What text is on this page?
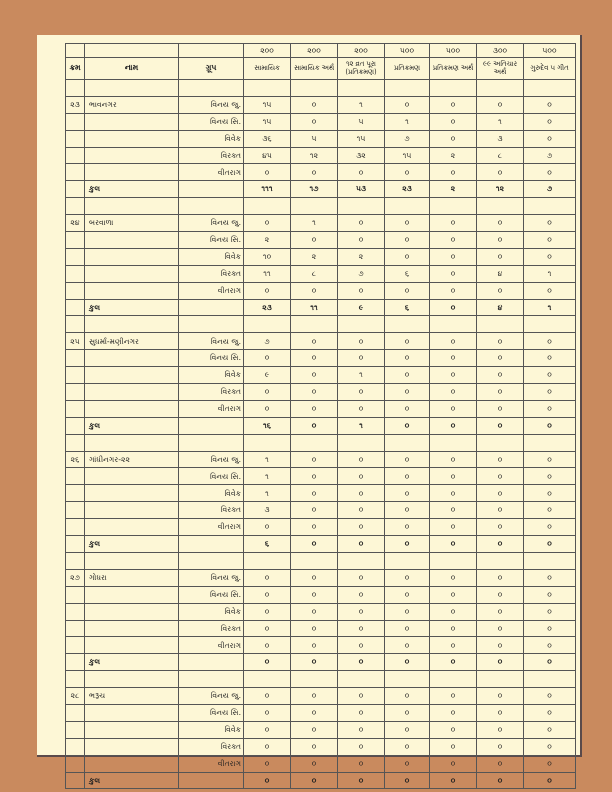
			૨૦૦	૨૦૦	૨૦૦	૫૦૦	૫૦૦	૩૦૦	૫૦૦
ક્રમ	નામ	ગ્રૂપ	સામાયિક	સામાયિક અર્થ	૧૨ વ્રત પૂરા (પ્રતિક્રમણ)	પ્રતિક્રમણ	પ્રતિક્રમણ અર્થ	૯૯ અતિચાર અર્થ	ગુરુદેવ ૫ ગીત

૨૩	ભાવનગર	વિનય જુ.	૧૫	૦	૧	૦	૦	૦	૦
		વિનય સિ.	૧૫	૦	૫	૧	૦	૧	૦
		વિવેક	૩૬	૫	૧૫	૭	૦	૩	૦
		વિરક્ત	૪૫	૧૨	૩૨	૧૫	૨	૮	૭
		વીતરાગ	૦	૦	૦	૦	૦	૦	૦
	કુલ		૧૧૧	૧૭	૫૩	૨૩	૨	૧૨	૭

૨૪	બરવાળા	વિનય જુ.	૦	૧	૦	૦	૦	૦	૦
		વિનય સિ.	૨	૦	૦	૦	૦	૦	૦
		વિવેક	૧૦	૨	૨	૦	૦	૦	૦
		વિરક્ત	૧૧	૮	૭	૬	૦	૪	૧
		વીતરાગ	૦	૦	૦	૦	૦	૦	૦
	કુલ		૨૩	૧૧	૯	૬	૦	૪	૧

૨૫	સુધર્મા-મણીનગર	વિનય જુ.	૭	૦	૦	૦	૦	૦	૦
		વિનય સિ.	૦	૦	૦	૦	૦	૦	૦
		વિવેક	૯	૦	૧	૦	૦	૦	૦
		વિરક્ત	૦	૦	૦	૦	૦	૦	૦
		વીતરાગ	૦	૦	૦	૦	૦	૦	૦
	કુલ		૧૬	૦	૧	૦	૦	૦	૦

૨૬	ગાંધીનગર-૨૨	વિનય જુ.	૧	૦	૦	૦	૦	૦	૦
		વિનય સિ.	૧	૦	૦	૦	૦	૦	૦
		વિવેક	૧	૦	૦	૦	૦	૦	૦
		વિરક્ત	૩	૦	૦	૦	૦	૦	૦
		વીતરાગ	૦	૦	૦	૦	૦	૦	૦
	કુલ		૬	૦	૦	૦	૦	૦	૦

૨૭	ગોધરા	વિનય જુ.	૦	૦	૦	૦	૦	૦	૦
		વિનય સિ.	૦	૦	૦	૦	૦	૦	૦
		વિવેક	૦	૦	૦	૦	૦	૦	૦
		વિરક્ત	૦	૦	૦	૦	૦	૦	૦
		વીતરાગ	૦	૦	૦	૦	૦	૦	૦
	કુલ		૦	૦	૦	૦	૦	૦	૦

૨૮	ભરૂચ	વિનય જુ.	૦	૦	૦	૦	૦	૦	૦
		વિનય સિ.	૦	૦	૦	૦	૦	૦	૦
		વિવેક	૦	૦	૦	૦	૦	૦	૦
		વિરક્ત	૦	૦	૦	૦	૦	૦	૦
		વીતરાગ	૦	૦	૦	૦	૦	૦	૦
	કુલ		૦	૦	૦	૦	૦	૦	૦
